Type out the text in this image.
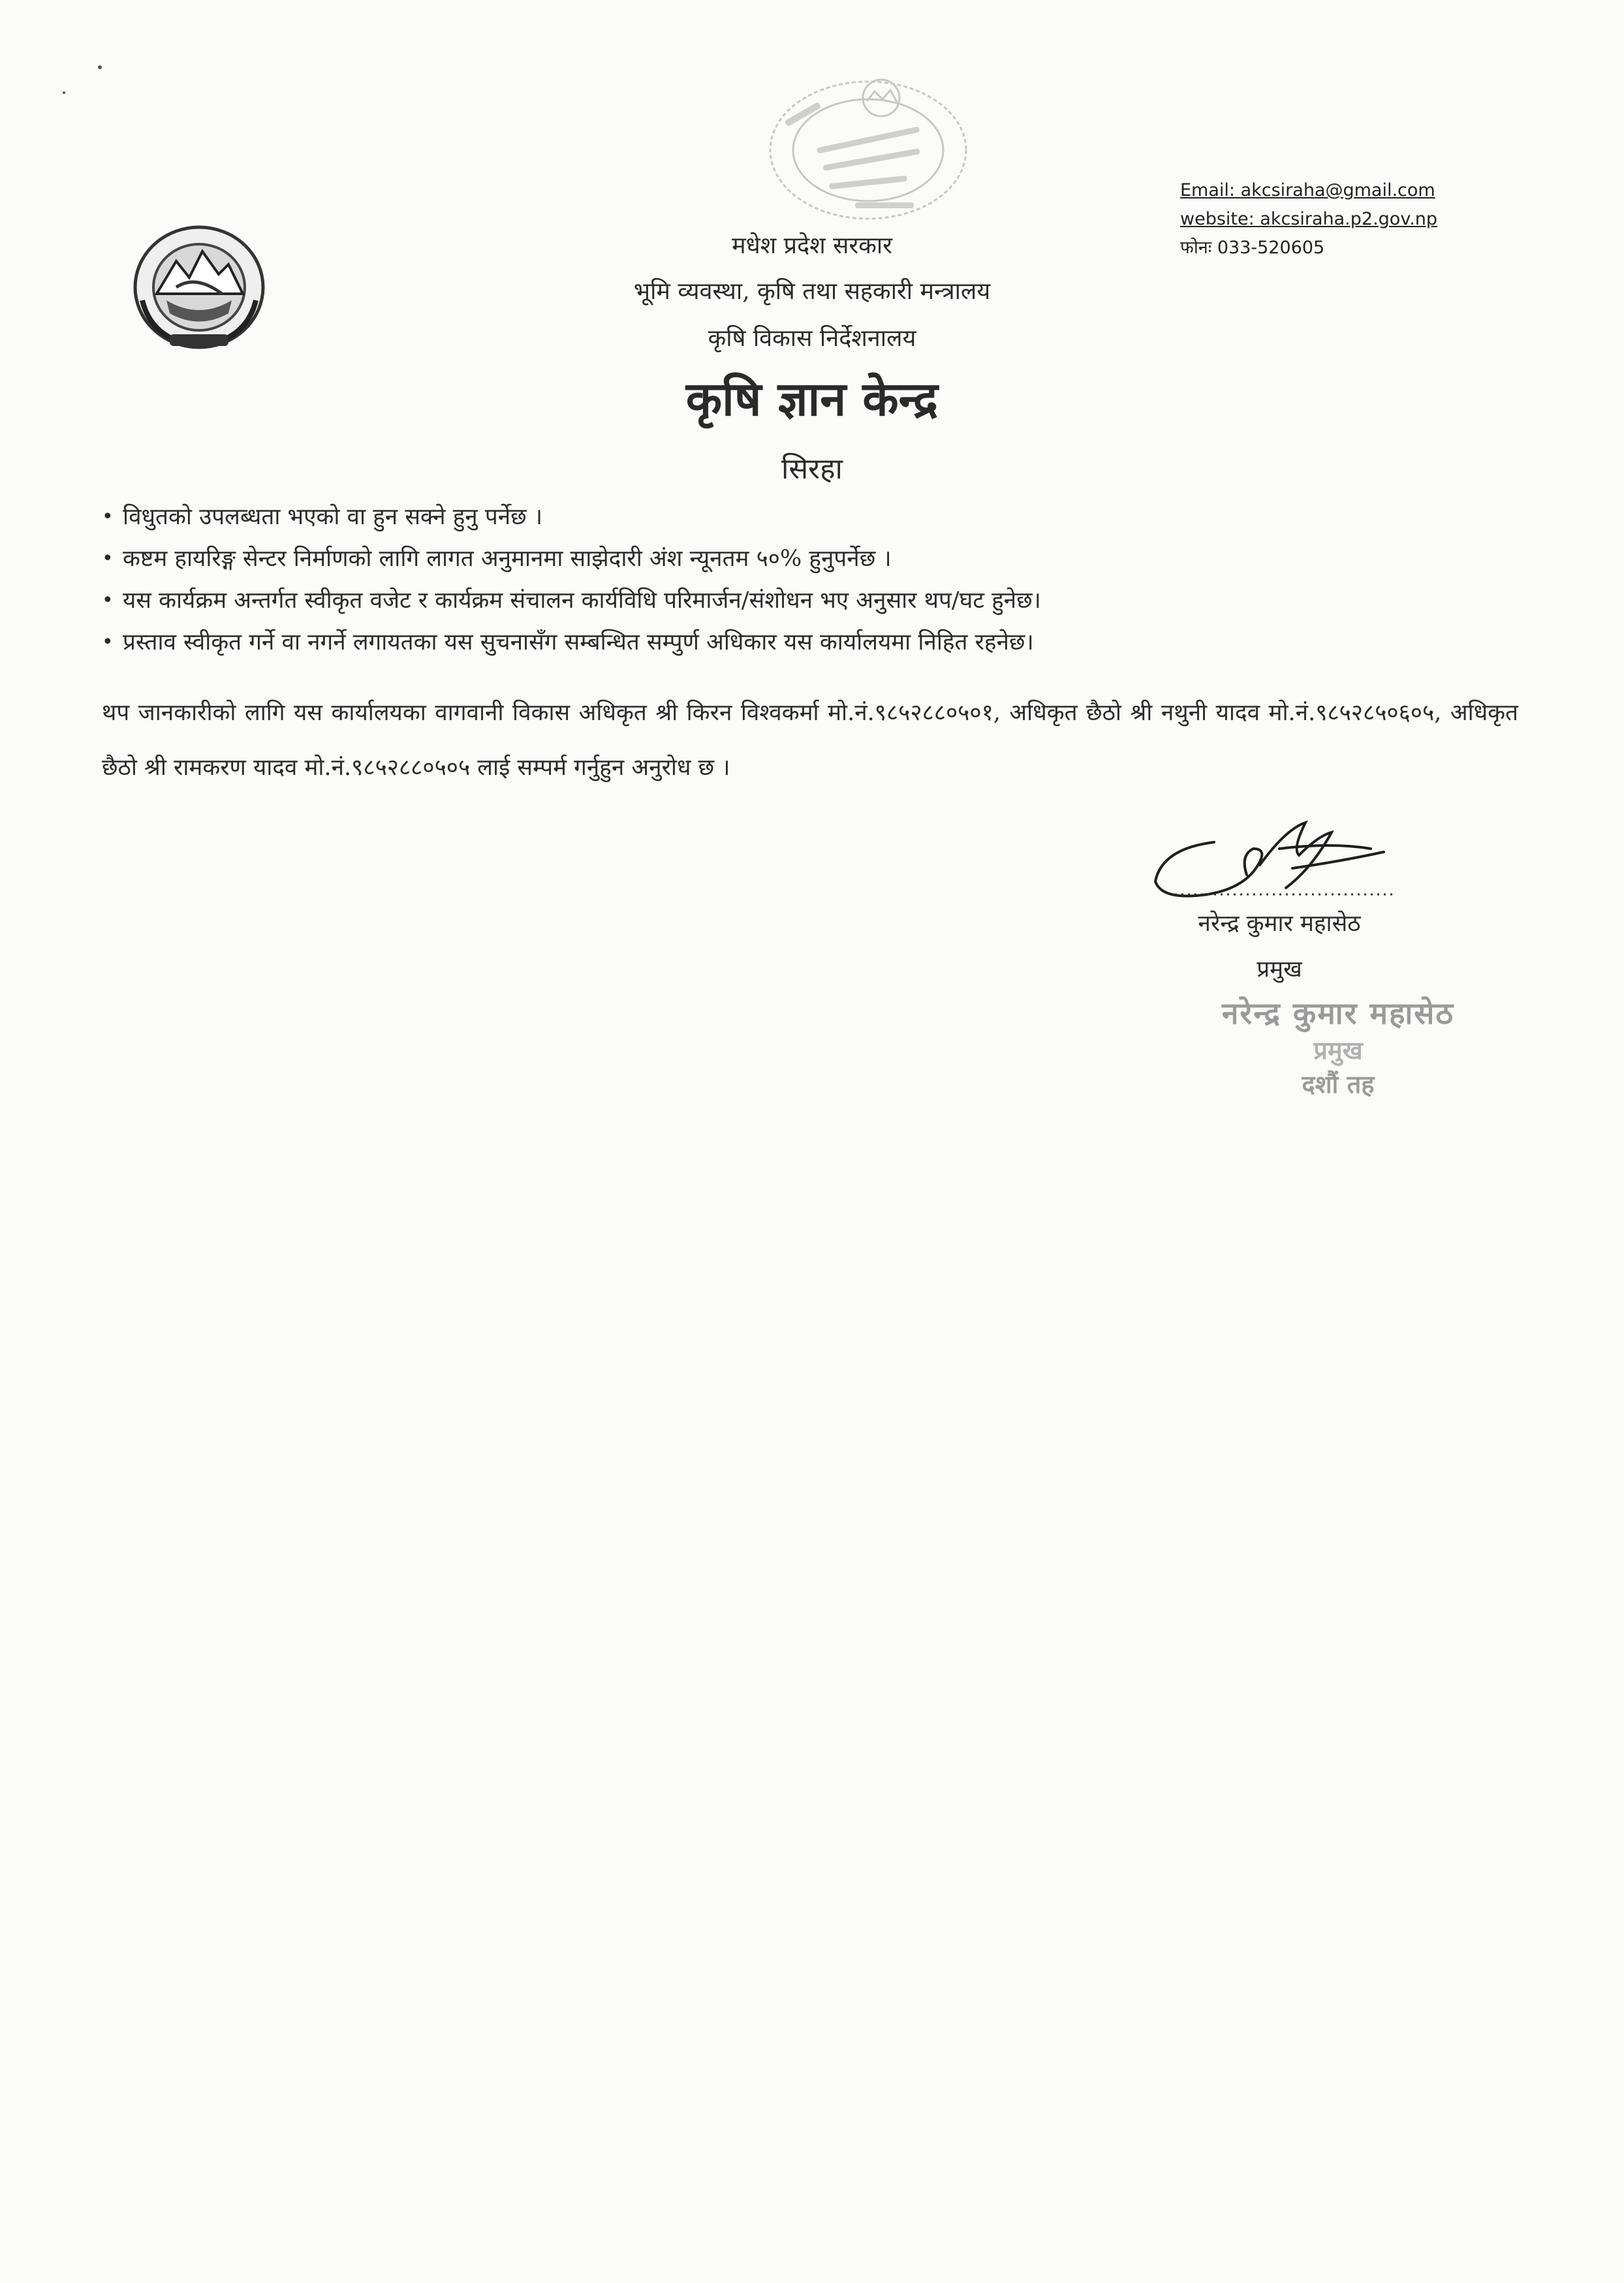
मधेश प्रदेश सरकार
भूमि व्यवस्था, कृषि तथा सहकारी मन्त्रालय
कृषि विकास निर्देशनालय
कृषि ज्ञान केन्द्र
सिरहा
Email: akcsiraha@gmail.com
website: akcsiraha.p2.gov.np
फोनः 033-520605
• विधुतको उपलब्धता भएको वा हुन सक्ने हुनु पर्नेछ ।
• कष्टम हायरिङ्ग सेन्टर निर्माणको लागि लागत अनुमानमा साझेदारी अंश न्यूनतम ५०% हुनुपर्नेछ ।
• यस कार्यक्रम अन्तर्गत स्वीकृत वजेट र कार्यक्रम संचालन कार्यविधि परिमार्जन/संशोधन भए अनुसार थप/घट हुनेछ।
• प्रस्ताव स्वीकृत गर्ने वा नगर्ने लगायतका यस सुचनासँग सम्बन्धित सम्पुर्ण अधिकार यस कार्यालयमा निहित रहनेछ।
थप जानकारीको लागि यस कार्यालयका वागवानी विकास अधिकृत श्री किरन विश्वकर्मा मो.नं.९८५२८८०५०१, अधिकृत छैठो श्री नथुनी यादव मो.नं.९८५२८५०६०५, अधिकृत छैठो श्री रामकरण यादव मो.नं.९८५२८८०५०५ लाई सम्पर्म गर्नुहुन अनुरोध छ ।
नरेन्द्र कुमार महासेठ
प्रमुख
नरेन्द्र कुमार महासेठ
प्रमुख
दशौं तह
